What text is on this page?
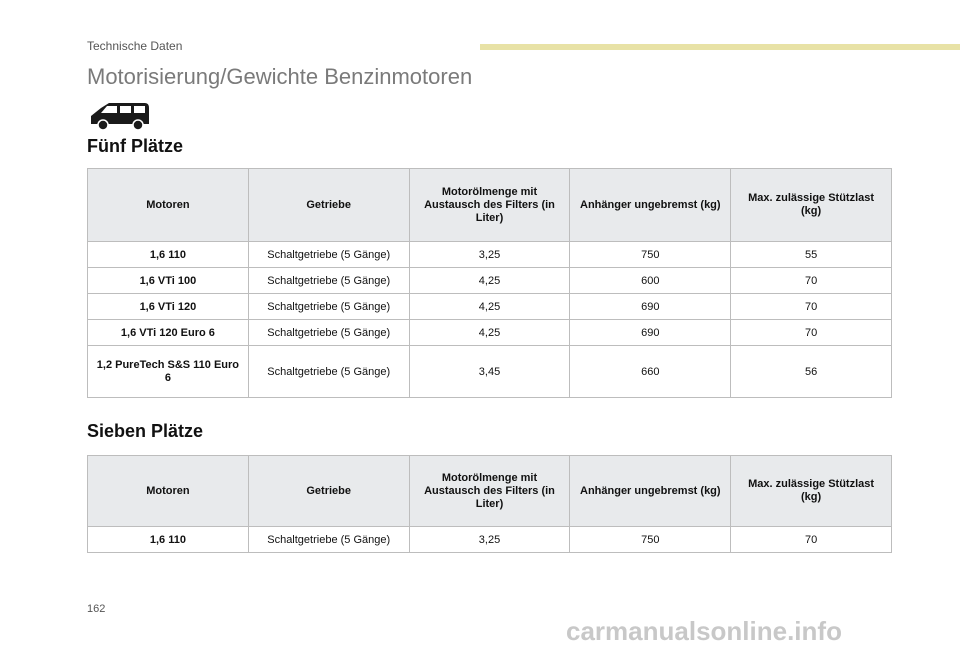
Technische Daten
Motorisierung/Gewichte Benzinmotoren
Fünf Plätze
Motoren	Getriebe	Motorölmenge mit Austausch des Filters (in Liter)	Anhänger ungebremst (kg)	Max. zulässige Stützlast (kg)
1,6 110	Schaltgetriebe (5 Gänge)	3,25	750	55
1,6 VTi 100	Schaltgetriebe (5 Gänge)	4,25	600	70
1,6 VTi 120	Schaltgetriebe (5 Gänge)	4,25	690	70
1,6 VTi 120 Euro 6	Schaltgetriebe (5 Gänge)	4,25	690	70
1,2 PureTech S&S 110 Euro 6	Schaltgetriebe (5 Gänge)	3,45	660	56
Sieben Plätze
Motoren	Getriebe	Motorölmenge mit Austausch des Filters (in Liter)	Anhänger ungebremst (kg)	Max. zulässige Stützlast (kg)
1,6 110	Schaltgetriebe (5 Gänge)	3,25	750	70
162
carmanualsonline.info
